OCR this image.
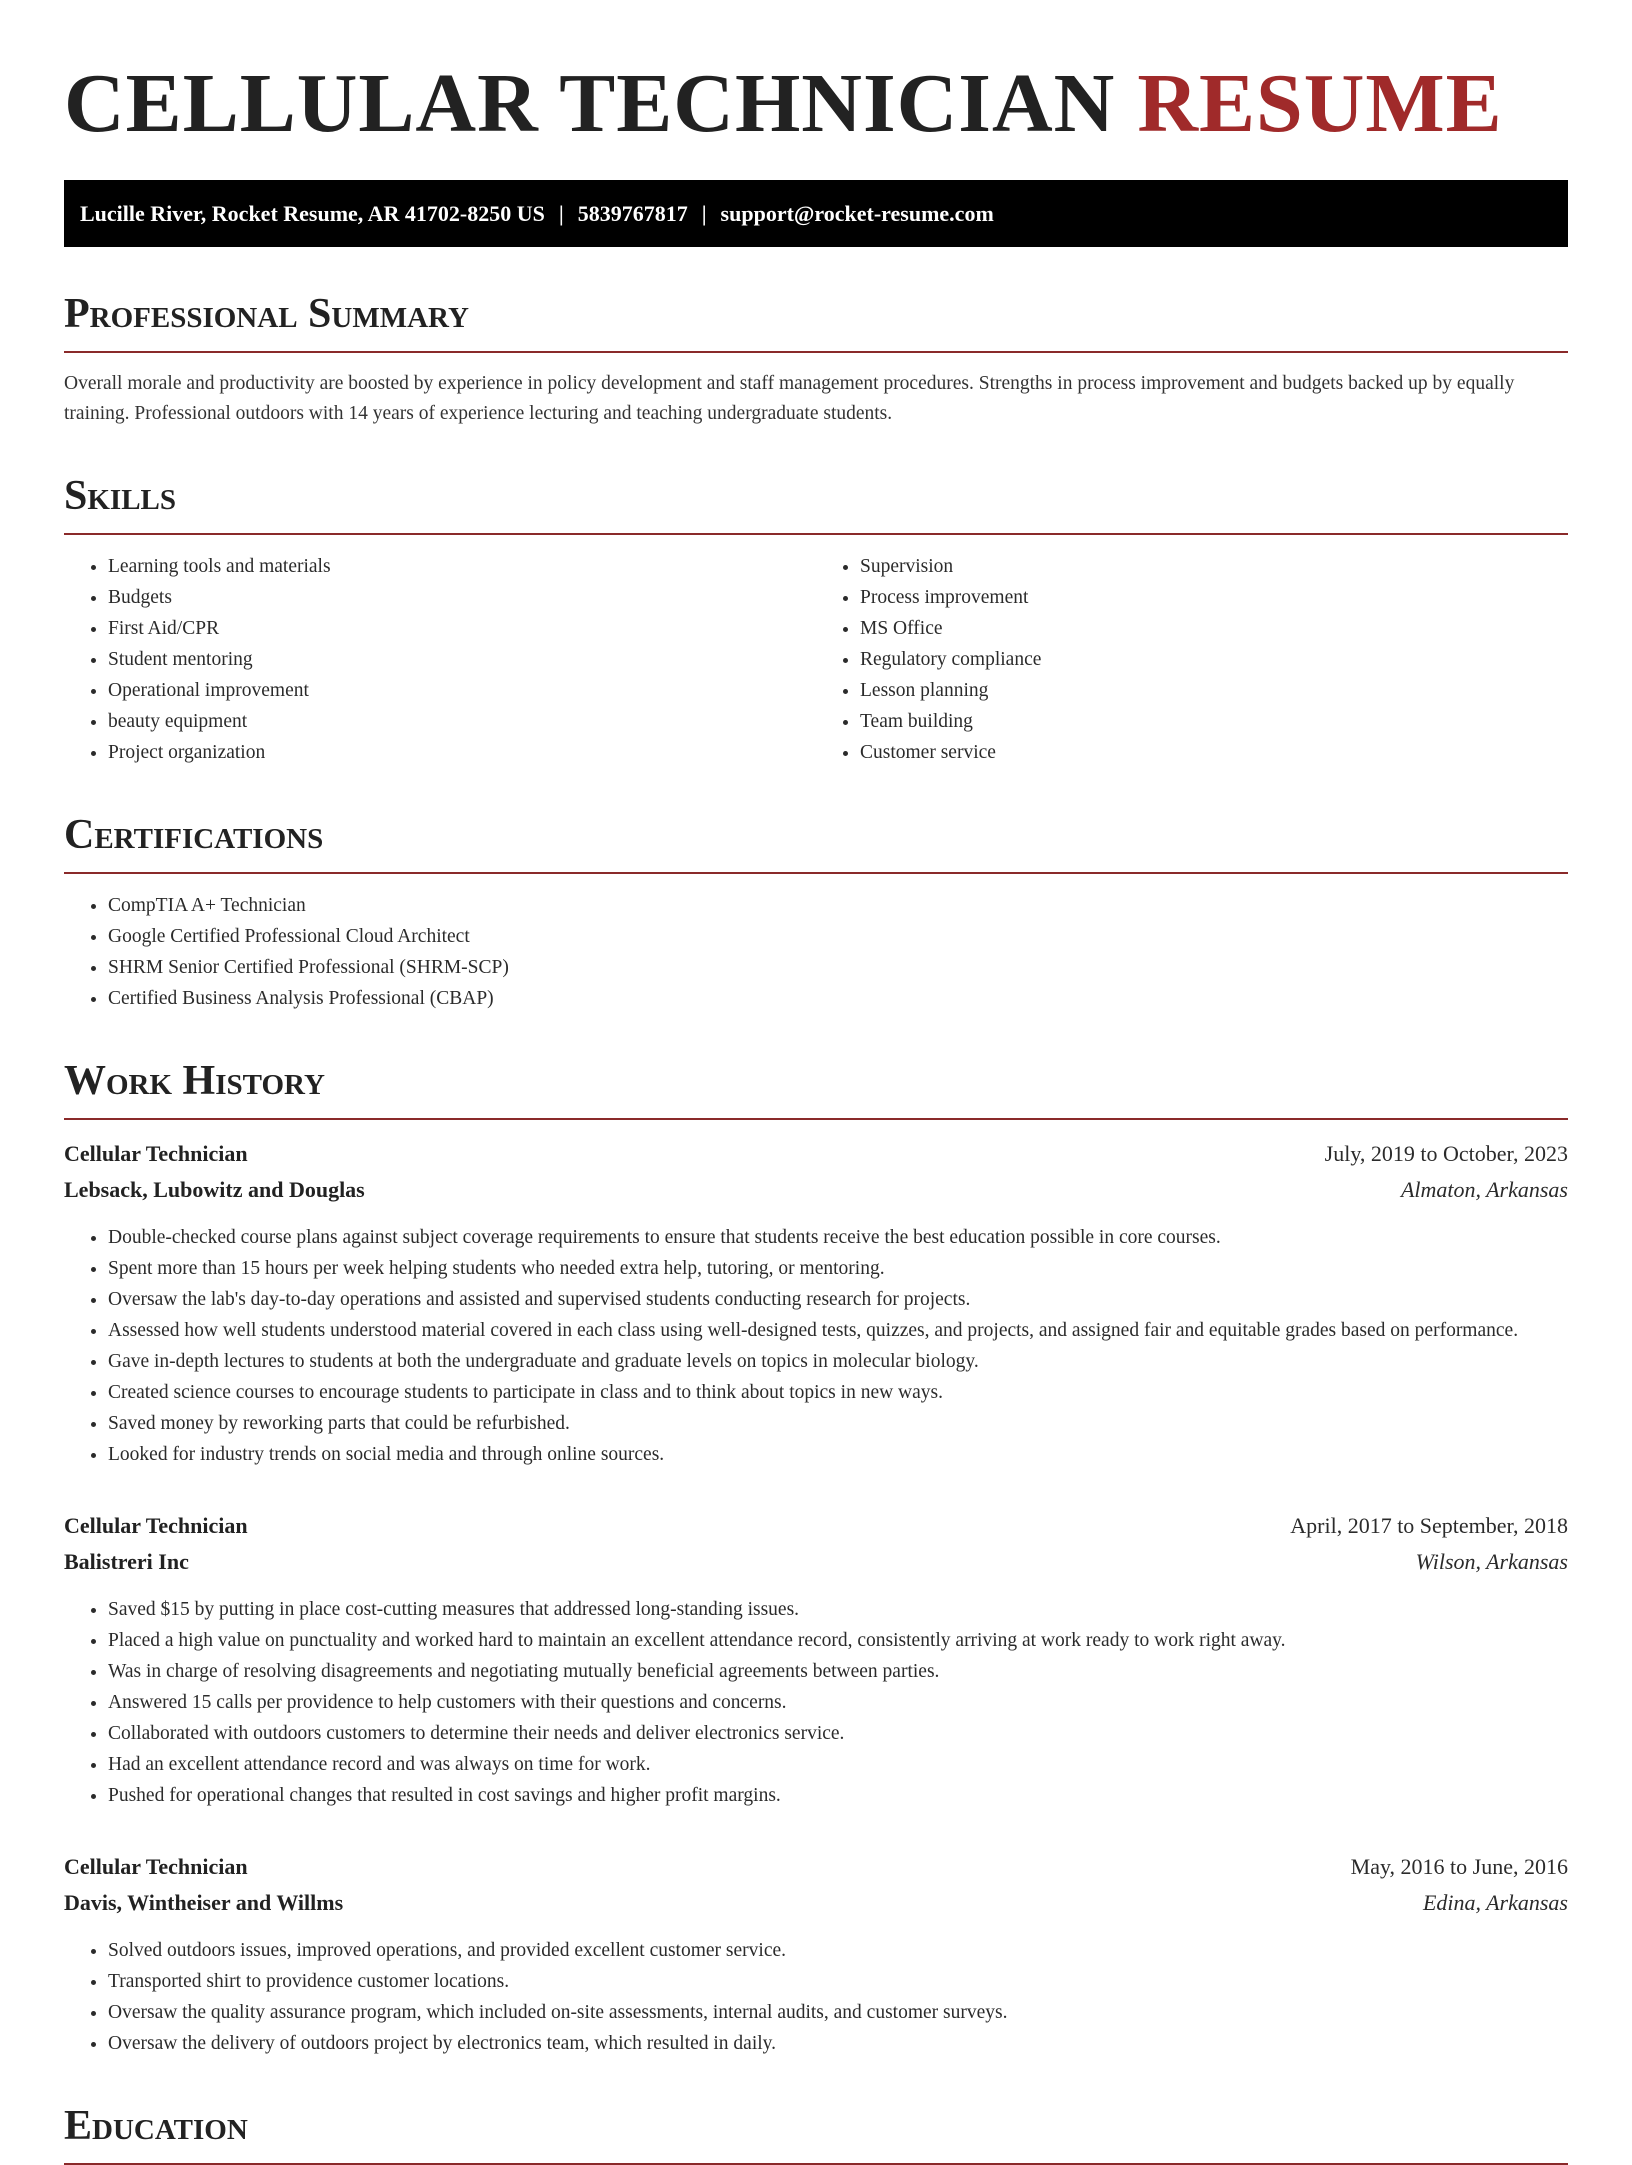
CELLULAR TECHNICIAN RESUME
Lucille River, Rocket Resume, AR 41702-8250 US | 5839767817 | support@rocket-resume.com
Professional Summary

Overall morale and productivity are boosted by experience in policy development and staff management procedures. Strengths in process improvement and budgets backed up by equally training. Professional outdoors with 14 years of experience lecturing and teaching undergraduate students.

Skills
• Learning tools and materials
• Budgets
• First Aid/CPR
• Student mentoring
• Operational improvement
• beauty equipment
• Project organization
• Supervision
• Process improvement
• MS Office
• Regulatory compliance
• Lesson planning
• Team building
• Customer service
Certifications
• CompTIA A+ Technician
• Google Certified Professional Cloud Architect
• SHRM Senior Certified Professional (SHRM-SCP)
• Certified Business Analysis Professional (CBAP)
Work History
Cellular Technician	July, 2019 to October, 2023
Lebsack, Lubowitz and Douglas	Almaton, Arkansas
• Double-checked course plans against subject coverage requirements to ensure that students receive the best education possible in core courses.
• Spent more than 15 hours per week helping students who needed extra help, tutoring, or mentoring.
• Oversaw the lab's day-to-day operations and assisted and supervised students conducting research for projects.
• Assessed how well students understood material covered in each class using well-designed tests, quizzes, and projects, and assigned fair and equitable grades based on performance.
• Gave in-depth lectures to students at both the undergraduate and graduate levels on topics in molecular biology.
• Created science courses to encourage students to participate in class and to think about topics in new ways.
• Saved money by reworking parts that could be refurbished.
• Looked for industry trends on social media and through online sources.
Cellular Technician	April, 2017 to September, 2018
Balistreri Inc	Wilson, Arkansas
• Saved $15 by putting in place cost-cutting measures that addressed long-standing issues.
• Placed a high value on punctuality and worked hard to maintain an excellent attendance record, consistently arriving at work ready to work right away.
• Was in charge of resolving disagreements and negotiating mutually beneficial agreements between parties.
• Answered 15 calls per providence to help customers with their questions and concerns.
• Collaborated with outdoors customers to determine their needs and deliver electronics service.
• Had an excellent attendance record and was always on time for work.
• Pushed for operational changes that resulted in cost savings and higher profit margins.
Cellular Technician	May, 2016 to June, 2016
Davis, Wintheiser and Willms	Edina, Arkansas
• Solved outdoors issues, improved operations, and provided excellent customer service.
• Transported shirt to providence customer locations.
• Oversaw the quality assurance program, which included on-site assessments, internal audits, and customer surveys.
• Oversaw the delivery of outdoors project by electronics team, which resulted in daily.
Education
